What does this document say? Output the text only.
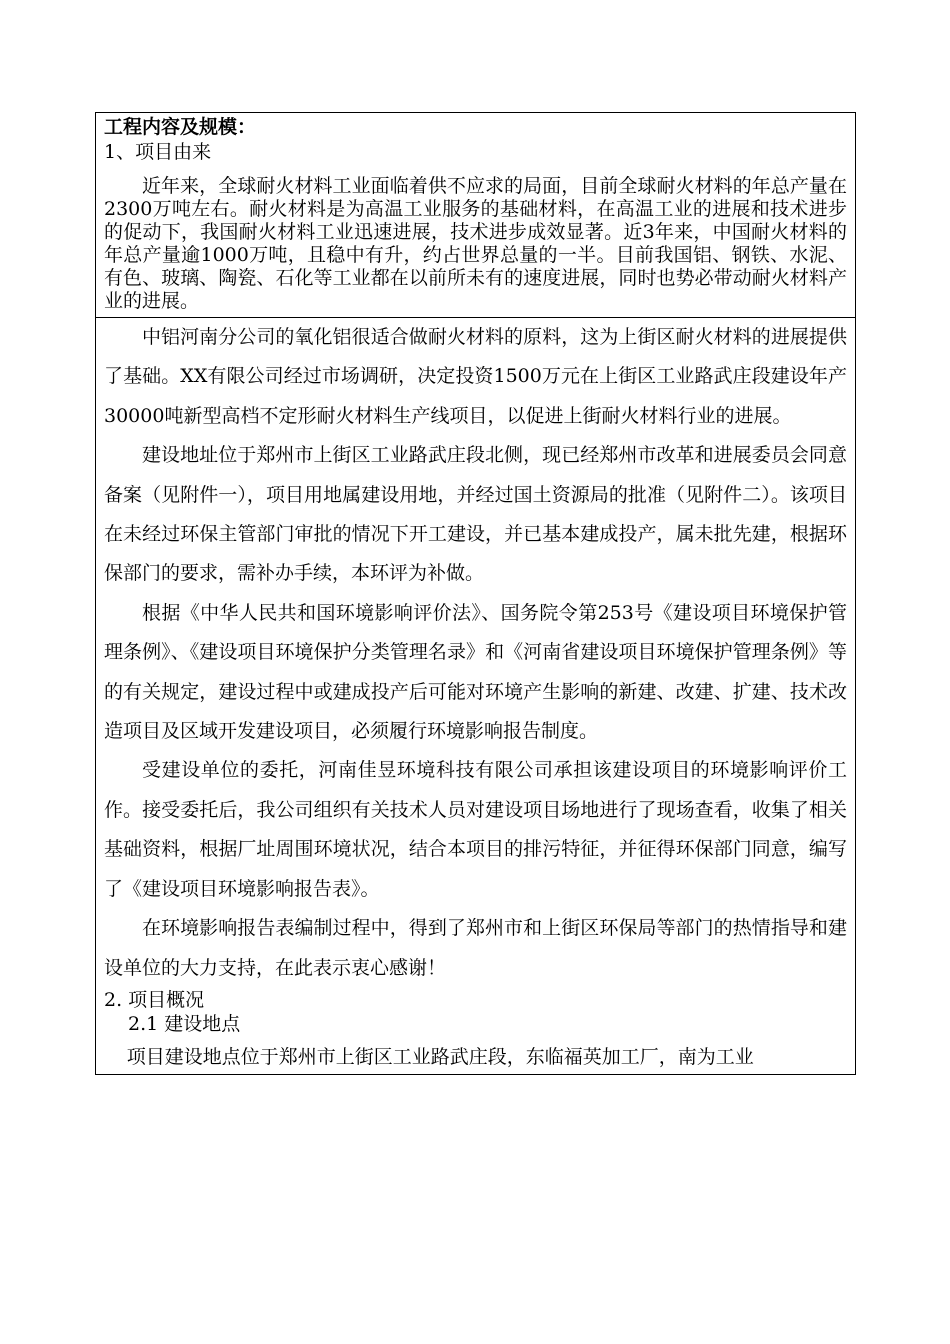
工程内容及规模：

1、项目由来

近年来，全球耐火材料工业面临着供不应求的局面，目前全球耐火材料的年总产量在2300万吨左右。耐火材料是为高温工业服务的基础材料，在高温工业的进展和技术进步的促动下，我国耐火材料工业迅速进展，技术进步成效显著。近3年来，中国耐火材料的年总产量逾1000万吨，且稳中有升，约占世界总量的一半。目前我国铝、钢铁、水泥、有色、玻璃、陶瓷、石化等工业都在以前所未有的速度进展，同时也势必带动耐火材料产业的进展。

中铝河南分公司的氧化铝很适合做耐火材料的原料，这为上街区耐火材料的进展提供了基础。XX有限公司经过市场调研，决定投资1500万元在上街区工业路武庄段建设年产30000吨新型高档不定形耐火材料生产线项目，以促进上街耐火材料行业的进展。

建设地址位于郑州市上街区工业路武庄段北侧，现已经郑州市改革和进展委员会同意备案（见附件一），项目用地属建设用地，并经过国土资源局的批准（见附件二）。该项目在未经过环保主管部门审批的情况下开工建设，并已基本建成投产，属未批先建，根据环保部门的要求，需补办手续，本环评为补做。

根据《中华人民共和国环境影响评价法》、国务院令第253号《建设项目环境保护管理条例》、《建设项目环境保护分类管理名录》和《河南省建设项目环境保护管理条例》等的有关规定，建设过程中或建成投产后可能对环境产生影响的新建、改建、扩建、技术改造项目及区域开发建设项目，必须履行环境影响报告制度。

受建设单位的委托，河南佳昱环境科技有限公司承担该建设项目的环境影响评价工作。接受委托后，我公司组织有关技术人员对建设项目场地进行了现场查看，收集了相关基础资料，根据厂址周围环境状况，结合本项目的排污特征，并征得环保部门同意，编写了《建设项目环境影响报告表》。

在环境影响报告表编制过程中，得到了郑州市和上街区环保局等部门的热情指导和建设单位的大力支持，在此表示衷心感谢！

2. 项目概况

2.1 建设地点

项目建设地点位于郑州市上街区工业路武庄段，东临福英加工厂，南为工业
